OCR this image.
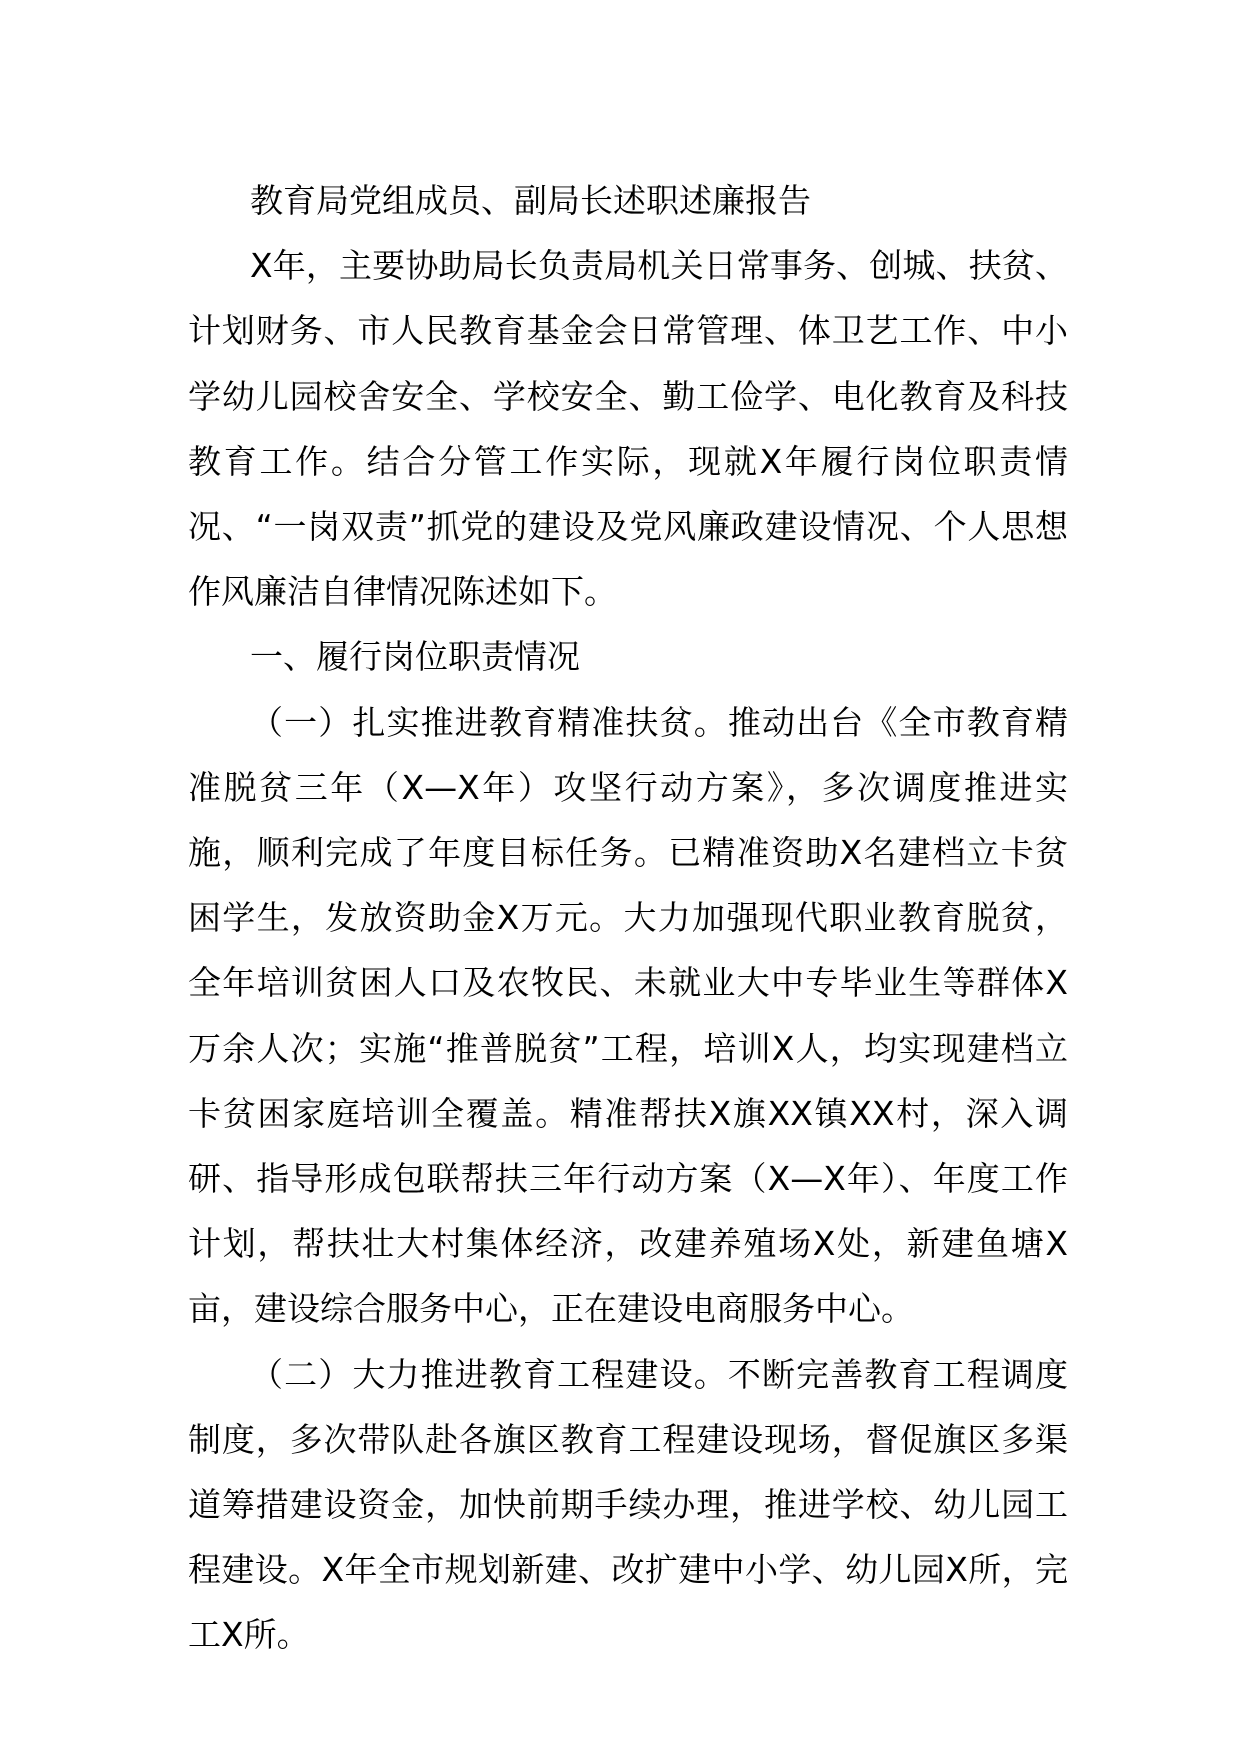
教育局党组成员、副局长述职述廉报告

X年，主要协助局长负责局机关日常事务、创城、扶贫、计划财务、市人民教育基金会日常管理、体卫艺工作、中小学幼儿园校舍安全、学校安全、勤工俭学、电化教育及科技教育工作。结合分管工作实际，现就X年履行岗位职责情况、“一岗双责”抓党的建设及党风廉政建设情况、个人思想作风廉洁自律情况陈述如下。

一、履行岗位职责情况

（一）扎实推进教育精准扶贫。推动出台《全市教育精准脱贫三年（X—X年）攻坚行动方案》，多次调度推进实施，顺利完成了年度目标任务。已精准资助X名建档立卡贫困学生，发放资助金X万元。大力加强现代职业教育脱贫，全年培训贫困人口及农牧民、未就业大中专毕业生等群体X万余人次；实施“推普脱贫”工程，培训X人，均实现建档立卡贫困家庭培训全覆盖。精准帮扶X旗XX镇XX村，深入调研、指导形成包联帮扶三年行动方案（X—X年）、年度工作计划，帮扶壮大村集体经济，改建养殖场X处，新建鱼塘X亩，建设综合服务中心，正在建设电商服务中心。

（二）大力推进教育工程建设。不断完善教育工程调度制度，多次带队赴各旗区教育工程建设现场，督促旗区多渠道筹措建设资金，加快前期手续办理，推进学校、幼儿园工程建设。X年全市规划新建、改扩建中小学、幼儿园X所，完工X所。
